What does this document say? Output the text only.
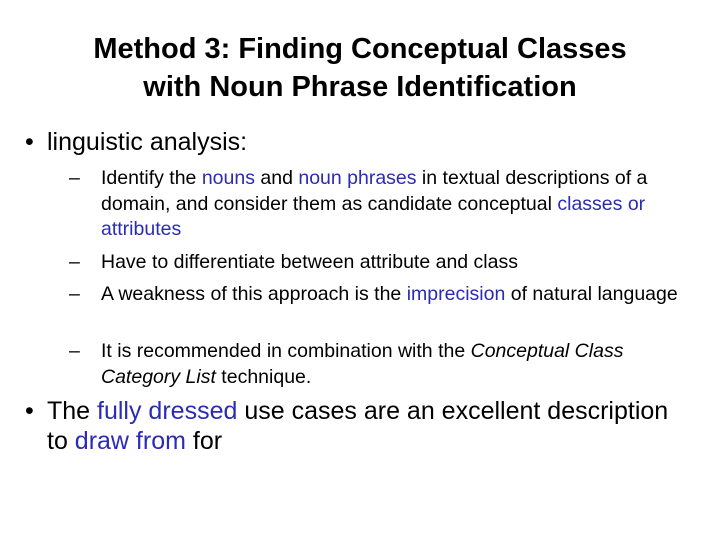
Method 3: Finding Conceptual Classes
with Noun Phrase Identification
• linguistic analysis:
– Identify the nouns and noun phrases in textual descriptions of a domain, and consider them as candidate conceptual classes or attributes
– Have to differentiate between attribute and class
– A weakness of this approach is the imprecision of natural language
– It is recommended in combination with the Conceptual Class Category List technique.
• The fully dressed use cases are an excellent description to draw from for
